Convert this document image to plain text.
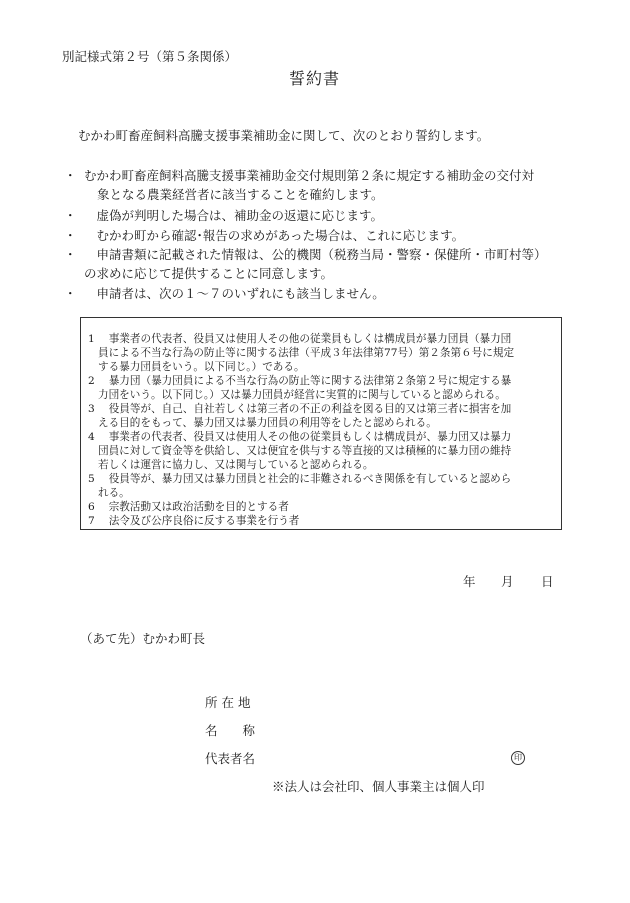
別記様式第２号（第５条関係）
誓約書
むかわ町畜産飼料高騰支援事業補助金に関して、次のとおり誓約します。
・ むかわ町畜産飼料高騰支援事業補助金交付規則第２条に規定する補助金の交付対
象となる農業経営者に該当することを確約します。
・ 　虚偽が判明した場合は、補助金の返還に応じます。
・ 　むかわ町から確認･報告の求めがあった場合は、これに応じます。
・ 　申請書類に記載された情報は、公的機関（税務当局・警察・保健所・市町村等）
の求めに応じて提供することに同意します。
・ 　申請者は、次の１～７のいずれにも該当しません。
1　 事業者の代表者、役員又は使用人その他の従業員もしくは構成員が暴力団員（暴力団
員による不当な行為の防止等に関する法律（平成３年法律第77号）第２条第６号に規定
する暴力団員をいう。以下同じ。）である。
2　 暴力団（暴力団員による不当な行為の防止等に関する法律第２条第２号に規定する暴
力団をいう。以下同じ。）又は暴力団員が経営に実質的に関与していると認められる。
3　 役員等が、自己、自社若しくは第三者の不正の利益を図る目的又は第三者に損害を加
える目的をもって、暴力団又は暴力団員の利用等をしたと認められる。
4　 事業者の代表者、役員又は使用人その他の従業員もしくは構成員が、暴力団又は暴力
団員に対して資金等を供給し、又は便宜を供与する等直接的又は積極的に暴力団の維持
若しくは運営に協力し、又は関与していると認められる。
5　 役員等が、暴力団又は暴力団員と社会的に非難されるべき関係を有していると認めら
れる。
6　 宗教活動又は政治活動を目的とする者
7　 法令及び公序良俗に反する事業を行う者
年 月 日
（あて先）むかわ町長
所 在 地
名　　称
代表者名	印
※法人は会社印、個人事業主は個人印
